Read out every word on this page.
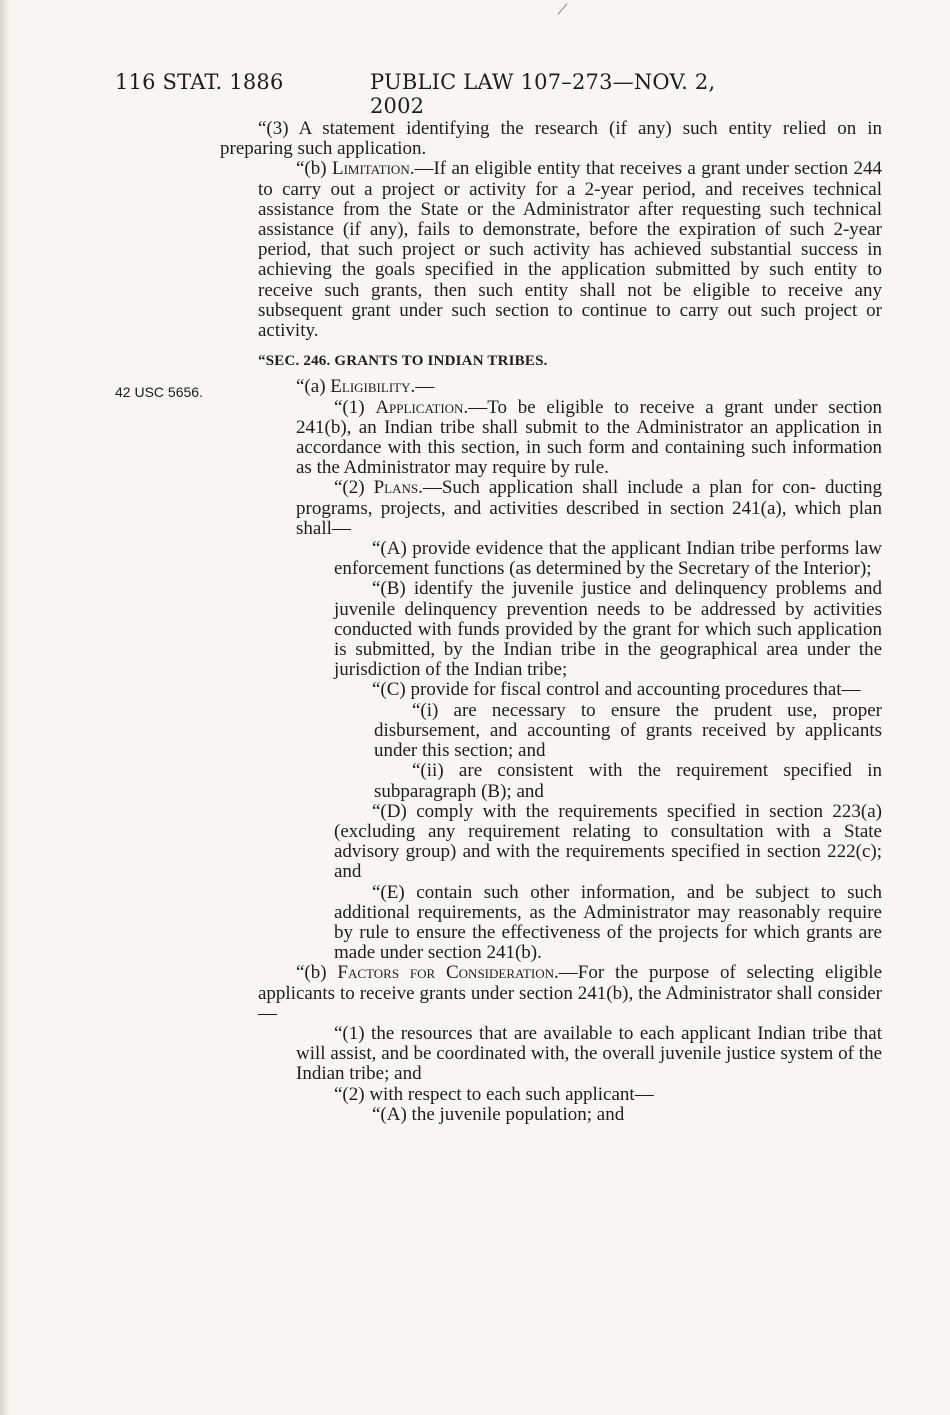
116 STAT. 1886	PUBLIC LAW 107–273—NOV. 2, 2002
42 USC 5656.

“(3) A statement identifying the research (if any) such entity relied on in preparing such application.

“(b) Limitation.—If an eligible entity that receives a grant under section 244 to carry out a project or activity for a 2-year period, and receives technical assistance from the State or the Administrator after requesting such technical assistance (if any), fails to demonstrate, before the expiration of such 2-year period, that such project or such activity has achieved substantial success in achieving the goals specified in the application submitted by such entity to receive such grants, then such entity shall not be eligible to receive any subsequent grant under such section to continue to carry out such project or activity.

“SEC. 246. GRANTS TO INDIAN TRIBES.

“(a) Eligibility.—

“(1) Application.—To be eligible to receive a grant under section 241(b), an Indian tribe shall submit to the Administrator an application in accordance with this section, in such form and containing such information as the Administrator may require by rule.

“(2) Plans.—Such application shall include a plan for con- ducting programs, projects, and activities described in section 241(a), which plan shall—

“(A) provide evidence that the applicant Indian tribe performs law enforcement functions (as determined by the Secretary of the Interior);

“(B) identify the juvenile justice and delinquency problems and juvenile delinquency prevention needs to be addressed by activities conducted with funds provided by the grant for which such application is submitted, by the Indian tribe in the geographical area under the jurisdiction of the Indian tribe;

“(C) provide for fiscal control and accounting procedures that—

“(i) are necessary to ensure the prudent use, proper disbursement, and accounting of grants received by applicants under this section; and

“(ii) are consistent with the requirement specified in subparagraph (B); and

“(D) comply with the requirements specified in section 223(a) (excluding any requirement relating to consultation with a State advisory group) and with the requirements specified in section 222(c); and

“(E) contain such other information, and be subject to such additional requirements, as the Administrator may reasonably require by rule to ensure the effectiveness of the projects for which grants are made under section 241(b).

“(b) Factors for Consideration.—For the purpose of selecting eligible applicants to receive grants under section 241(b), the Administrator shall consider—

“(1) the resources that are available to each applicant Indian tribe that will assist, and be coordinated with, the overall juvenile justice system of the Indian tribe; and

“(2) with respect to each such applicant—

“(A) the juvenile population; and
